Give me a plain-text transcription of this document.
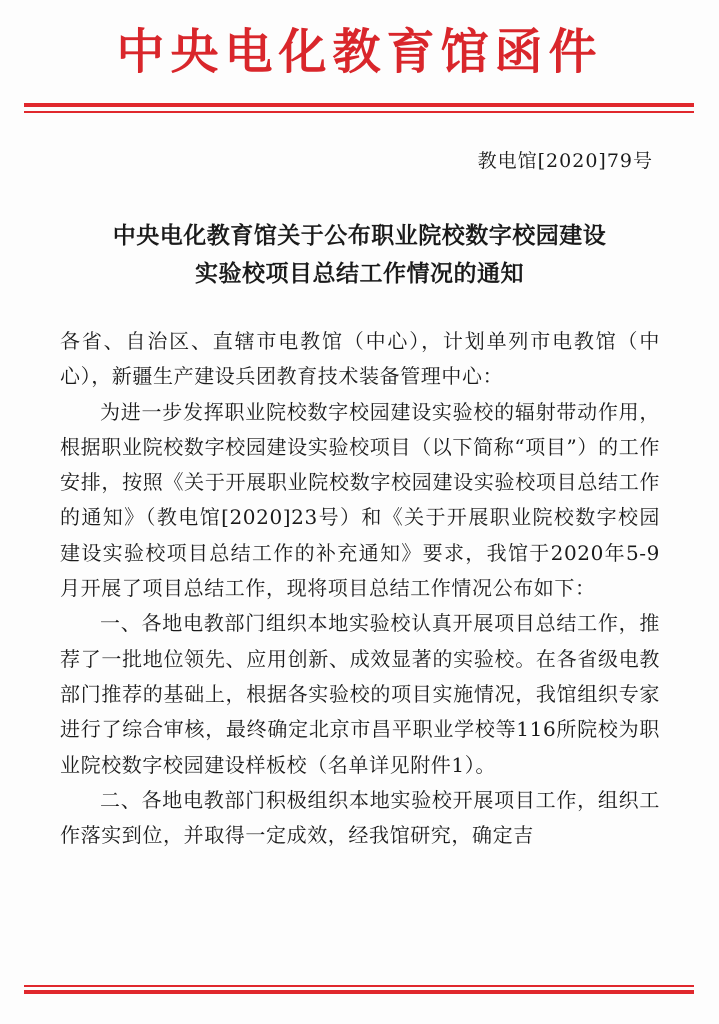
中央电化教育馆函件
教电馆[2020]79号
中央电化教育馆关于公布职业院校数字校园建设
实验校项目总结工作情况的通知

各省、自治区、直辖市电教馆（中心），计划单列市电教馆（中心），新疆生产建设兵团教育技术装备管理中心：

为进一步发挥职业院校数字校园建设实验校的辐射带动作用，根据职业院校数字校园建设实验校项目（以下简称“项目”）的工作安排，按照《关于开展职业院校数字校园建设实验校项目总结工作的通知》（教电馆[2020]23号）和《关于开展职业院校数字校园建设实验校项目总结工作的补充通知》要求，我馆于2020年5-9月开展了项目总结工作，现将项目总结工作情况公布如下：

一、各地电教部门组织本地实验校认真开展项目总结工作，推荐了一批地位领先、应用创新、成效显著的实验校。在各省级电教部门推荐的基础上，根据各实验校的项目实施情况，我馆组织专家进行了综合审核，最终确定北京市昌平职业学校等116所院校为职业院校数字校园建设样板校（名单详见附件1）。

二、各地电教部门积极组织本地实验校开展项目工作，组织工作落实到位，并取得一定成效，经我馆研究，确定吉
